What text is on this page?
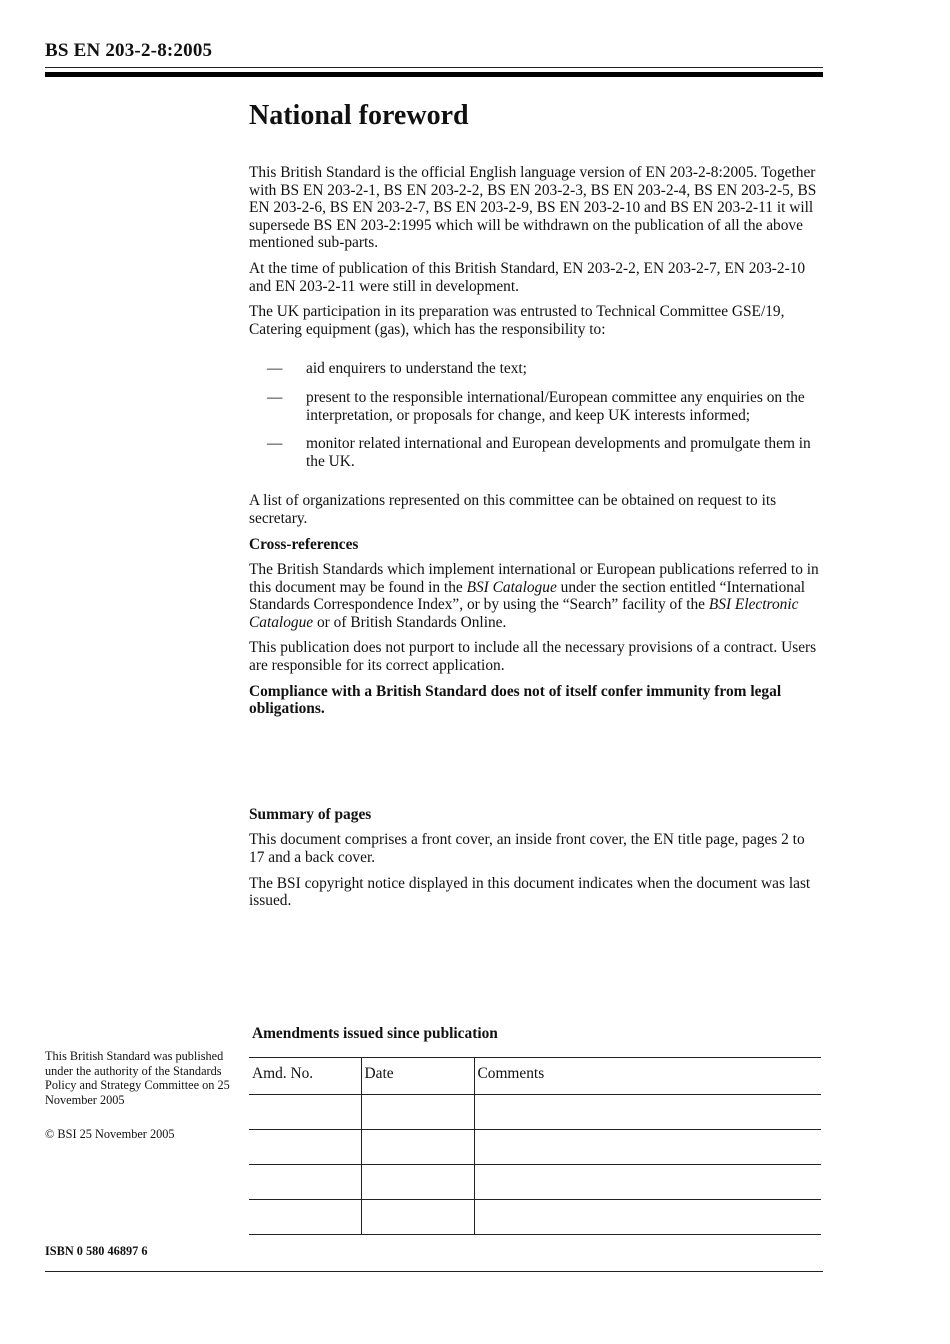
BS EN 203-2-8:2005
National foreword

This British Standard is the official English language version of EN 203-2-8:2005. Together with BS EN 203-2-1, BS EN 203-2-2, BS EN 203-2-3, BS EN 203-2-4, BS EN 203-2-5, BS EN 203-2-6, BS EN 203-2-7, BS EN 203-2-9, BS EN 203-2-10 and BS EN 203-2-11 it will supersede BS EN 203-2:1995 which will be withdrawn on the publication of all the above mentioned sub-parts.

At the time of publication of this British Standard, EN 203-2-2, EN 203-2-7, EN 203-2-10 and EN 203-2-11 were still in development.

The UK participation in its preparation was entrusted to Technical Committee GSE/19, Catering equipment (gas), which has the responsibility to:

— aid enquirers to understand the text;
— present to the responsible international/European committee any enquiries on the interpretation, or proposals for change, and keep UK interests informed;
— monitor related international and European developments and promulgate them in the UK.

A list of organizations represented on this committee can be obtained on request to its secretary.

Cross-references

The British Standards which implement international or European publications referred to in this document may be found in the BSI Catalogue under the section entitled “International Standards Correspondence Index”, or by using the “Search” facility of the BSI Electronic Catalogue or of British Standards Online.

This publication does not purport to include all the necessary provisions of a contract. Users are responsible for its correct application.

Compliance with a British Standard does not of itself confer immunity from legal obligations.

Summary of pages

This document comprises a front cover, an inside front cover, the EN title page, pages 2 to 17 and a back cover.

The BSI copyright notice displayed in this document indicates when the document was last issued.

Amendments issued since publication
Amd. No.	Date	Comments

This British Standard was published under the authority of the Standards Policy and Strategy Committee on 25 November 2005

© BSI 25 November 2005

ISBN 0 580 46897 6
